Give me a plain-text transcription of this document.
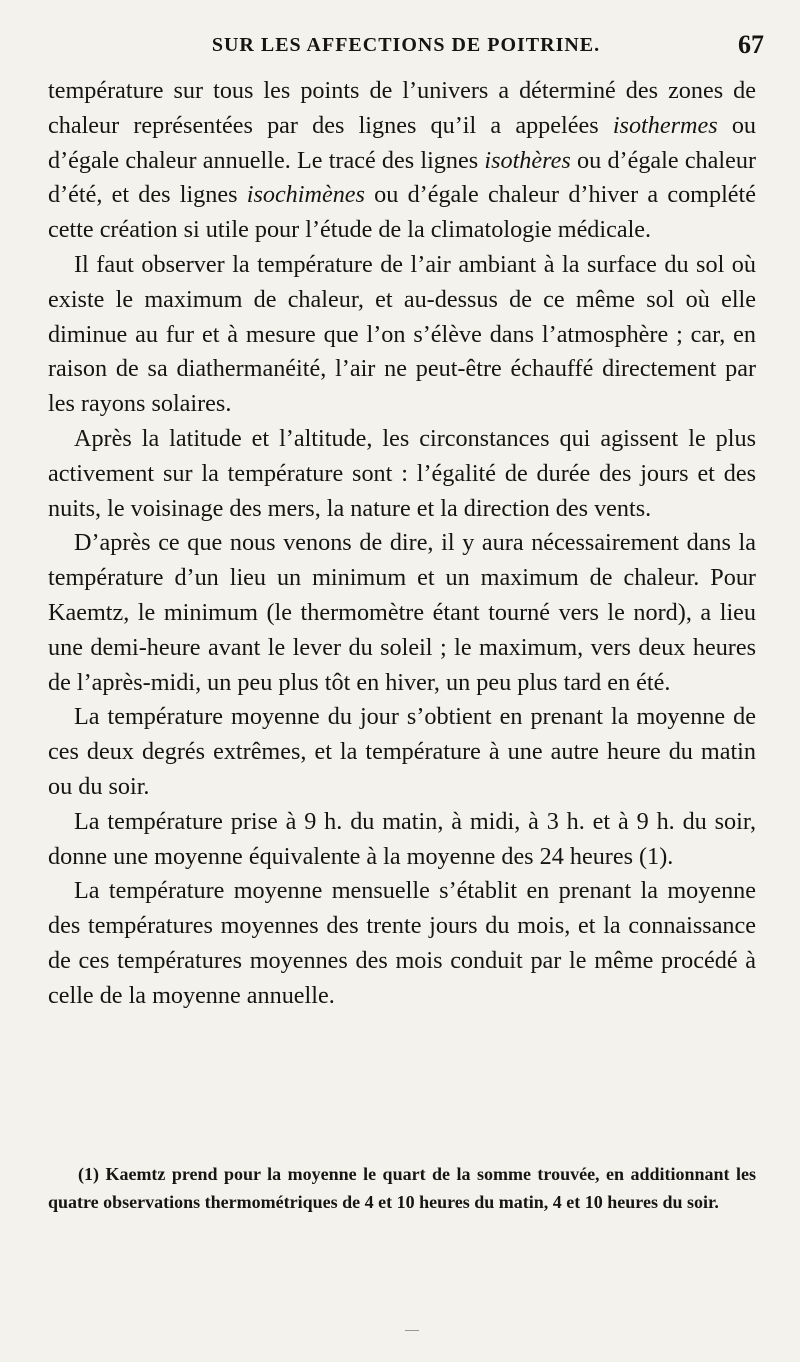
SUR LES AFFECTIONS DE POITRINE.	67

température sur tous les points de l’univers a déterminé des zones de chaleur représentées par des lignes qu’il a appelées isothermes ou d’égale chaleur annuelle. Le tracé des lignes isothères ou d’égale chaleur d’été, et des lignes isochimènes ou d’égale chaleur d’hiver a complété cette création si utile pour l’étude de la climatologie médicale.

Il faut observer la température de l’air ambiant à la surface du sol où existe le maximum de chaleur, et au-dessus de ce même sol où elle diminue au fur et à mesure que l’on s’élève dans l’atmosphère ; car, en raison de sa diathermanéité, l’air ne peut-être échauffé directement par les rayons solaires.

Après la latitude et l’altitude, les circonstances qui agissent le plus activement sur la température sont : l’égalité de durée des jours et des nuits, le voisinage des mers, la nature et la direction des vents.

D’après ce que nous venons de dire, il y aura nécessairement dans la température d’un lieu un minimum et un maximum de chaleur. Pour Kaemtz, le minimum (le thermomètre étant tourné vers le nord), a lieu une demi-heure avant le lever du soleil ; le maximum, vers deux heures de l’après-midi, un peu plus tôt en hiver, un peu plus tard en été.

La température moyenne du jour s’obtient en prenant la moyenne de ces deux degrés extrêmes, et la température à une autre heure du matin ou du soir.

La température prise à 9 h. du matin, à midi, à 3 h. et à 9 h. du soir, donne une moyenne équivalente à la moyenne des 24 heures (1).

La température moyenne mensuelle s’établit en prenant la moyenne des températures moyennes des trente jours du mois, et la connaissance de ces températures moyennes des mois conduit par le même procédé à celle de la moyenne annuelle.

(1) Kaemtz prend pour la moyenne le quart de la somme trouvée, en additionnant les quatre observations thermométriques de 4 et 10 heures du matin, 4 et 10 heures du soir.
